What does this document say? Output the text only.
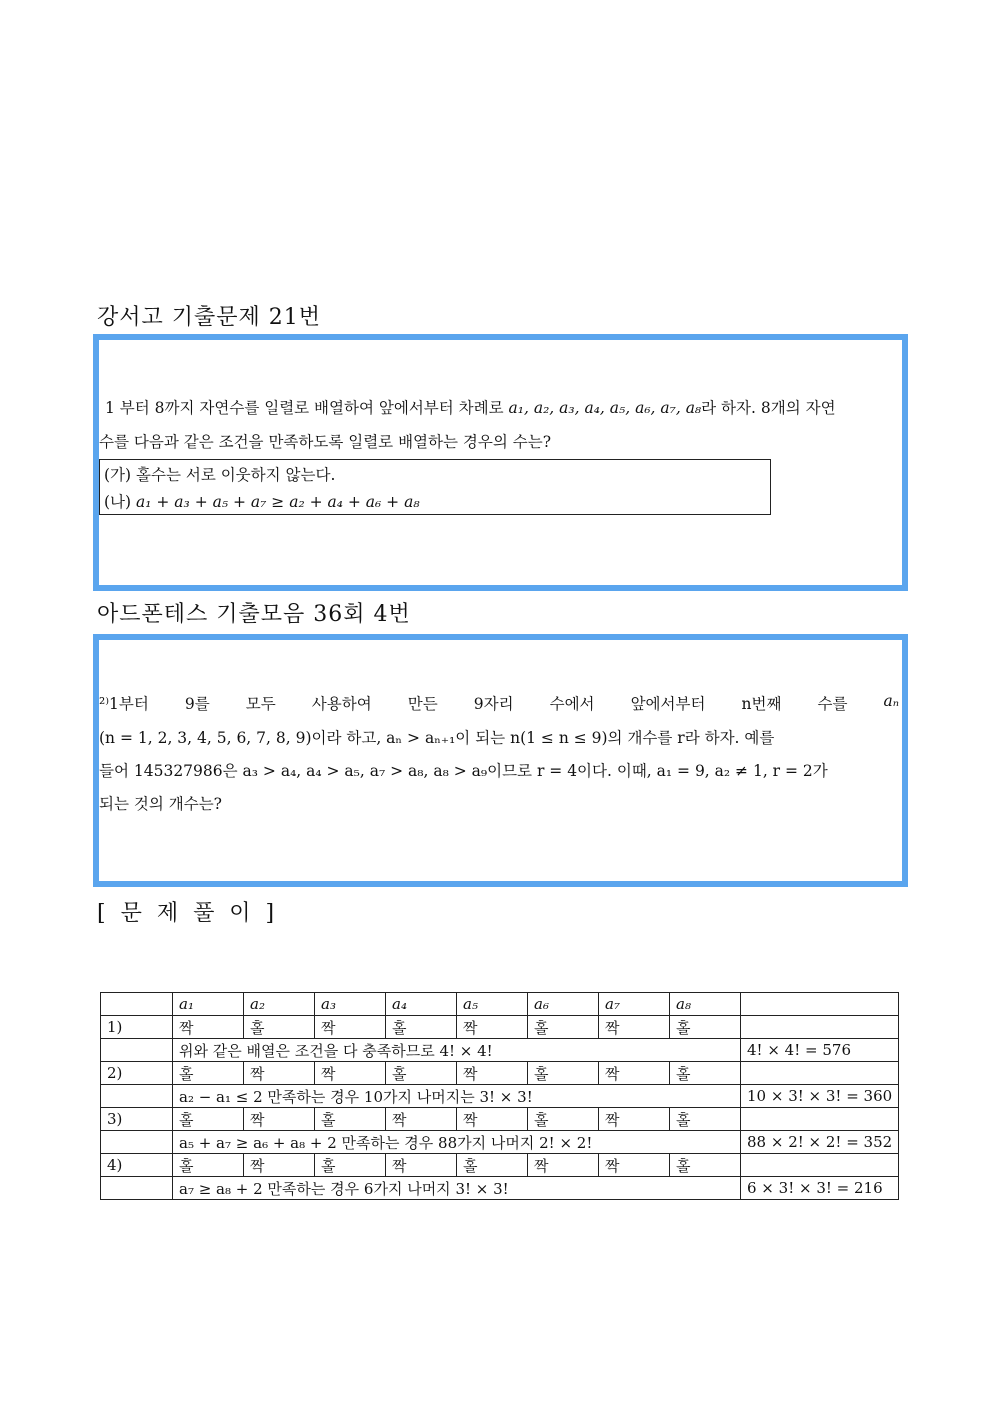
강서고 기출문제 21번
1 부터 8까지 자연수를 일렬로 배열하여 앞에서부터 차례로 a₁, a₂, a₃, a₄, a₅, a₆, a₇, a₈라 하자. 8개의 자연
수를 다음과 같은 조건을 만족하도록 일렬로 배열하는 경우의 수는?
(가) 홀수는 서로 이웃하지 않는다.
(나) a₁ + a₃ + a₅ + a₇ ≥ a₂ + a₄ + a₆ + a₈
아드폰테스 기출모음 36회 4번
²⁾1부터 9를 모두 사용하여 만든 9자리 수에서 앞에서부터 n번째 수를 aₙ
(n = 1, 2, 3, 4, 5, 6, 7, 8, 9)이라 하고, aₙ > aₙ₊₁이 되는 n(1 ≤ n ≤ 9)의 개수를 r라 하자. 예를
들어 145327986은 a₃ > a₄, a₄ > a₅, a₇ > a₈, a₈ > a₉이므로 r = 4이다. 이때, a₁ = 9, a₂ ≠ 1, r = 2가
되는 것의 개수는?
[ 문 제 풀 이 ]
	a₁	a₂	a₃	a₄	a₅	a₆	a₇	a₈	
1)	짝	홀	짝	홀	짝	홀	짝	홀	
	위와 같은 배열은 조건을 다 충족하므로 4! × 4!								4! × 4! = 576
2)	홀	짝	짝	홀	짝	홀	짝	홀	
	a₂ − a₁ ≤ 2 만족하는 경우 10가지 나머지는 3! × 3!								10 × 3! × 3! = 360
3)	홀	짝	홀	짝	짝	홀	짝	홀	
	a₅ + a₇ ≥ a₆ + a₈ + 2 만족하는 경우 88가지 나머지 2! × 2!								88 × 2! × 2! = 352
4)	홀	짝	홀	짝	홀	짝	짝	홀	
	a₇ ≥ a₈ + 2 만족하는 경우 6가지 나머지 3! × 3!								6 × 3! × 3! = 216
